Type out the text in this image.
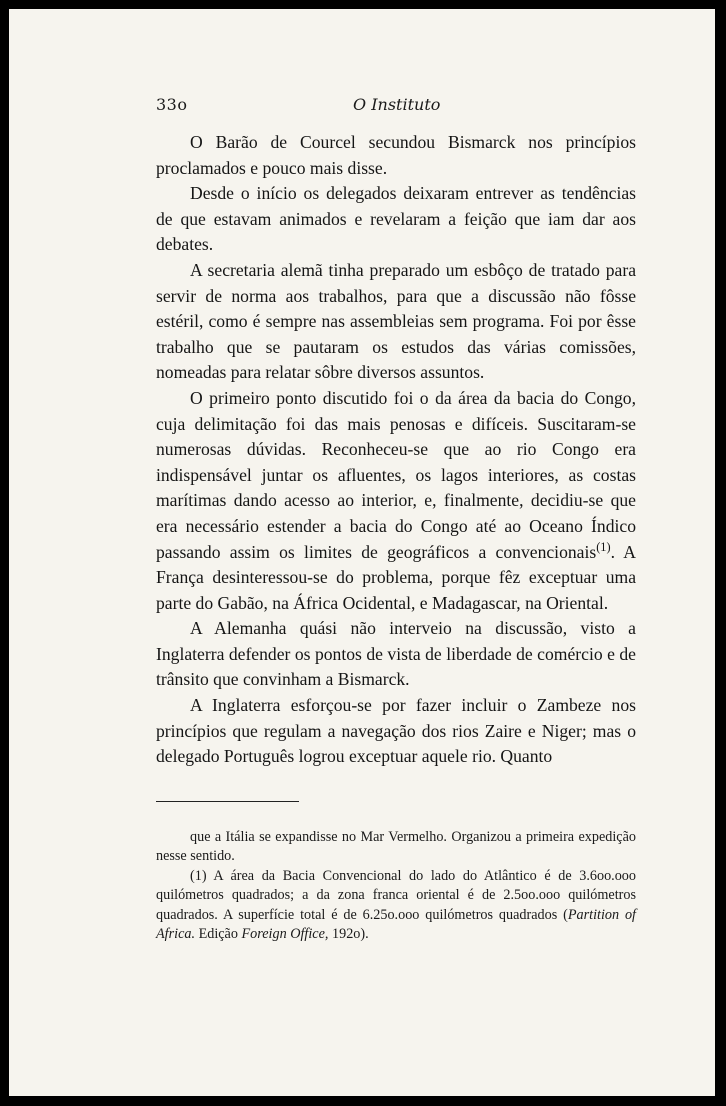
33o	O Instituto

O Barão de Courcel secundou Bismarck nos princípios proclamados e pouco mais disse.

Desde o início os delegados deixaram entrever as tendências de que estavam animados e revelaram a feição que iam dar aos debates.

A secretaria alemã tinha preparado um esbôço de tratado para servir de norma aos trabalhos, para que a discussão não fôsse estéril, como é sempre nas assembleias sem programa. Foi por êsse trabalho que se pautaram os estudos das várias comissões, nomeadas para relatar sôbre diversos assuntos.

O primeiro ponto discutido foi o da área da bacia do Congo, cuja delimitação foi das mais penosas e difíceis. Suscitaram-se numerosas dúvidas. Reconheceu-se que ao rio Congo era indispensável juntar os afluentes, os lagos interiores, as costas marítimas dando acesso ao interior, e, finalmente, decidiu-se que era necessário estender a bacia do Congo até ao Oceano Índico passando assim os limites de geográficos a convencionais$^{(1)}$. A França desinteressou-se do problema, porque fêz exceptuar uma parte do Gabão, na África Ocidental, e Madagascar, na Oriental.

A Alemanha quási não interveio na discussão, visto a Inglaterra defender os pontos de vista de liberdade de comércio e de trânsito que convinham a Bismarck.

A Inglaterra esforçou-se por fazer incluir o Zambeze nos princípios que regulam a navegação dos rios Zaire e Niger; mas o delegado Português logrou exceptuar aquele rio. Quanto

que a Itália se expandisse no Mar Vermelho. Organizou a primeira expedição nesse sentido.

(1) A área da Bacia Convencional do lado do Atlântico é de 3.6oo.ooo quilómetros quadrados; a da zona franca oriental é de 2.5oo.ooo quilómetros quadrados. A superfície total é de 6.25o.ooo quilómetros quadrados (Partition of Africa. Edição Foreign Office, 192o).
